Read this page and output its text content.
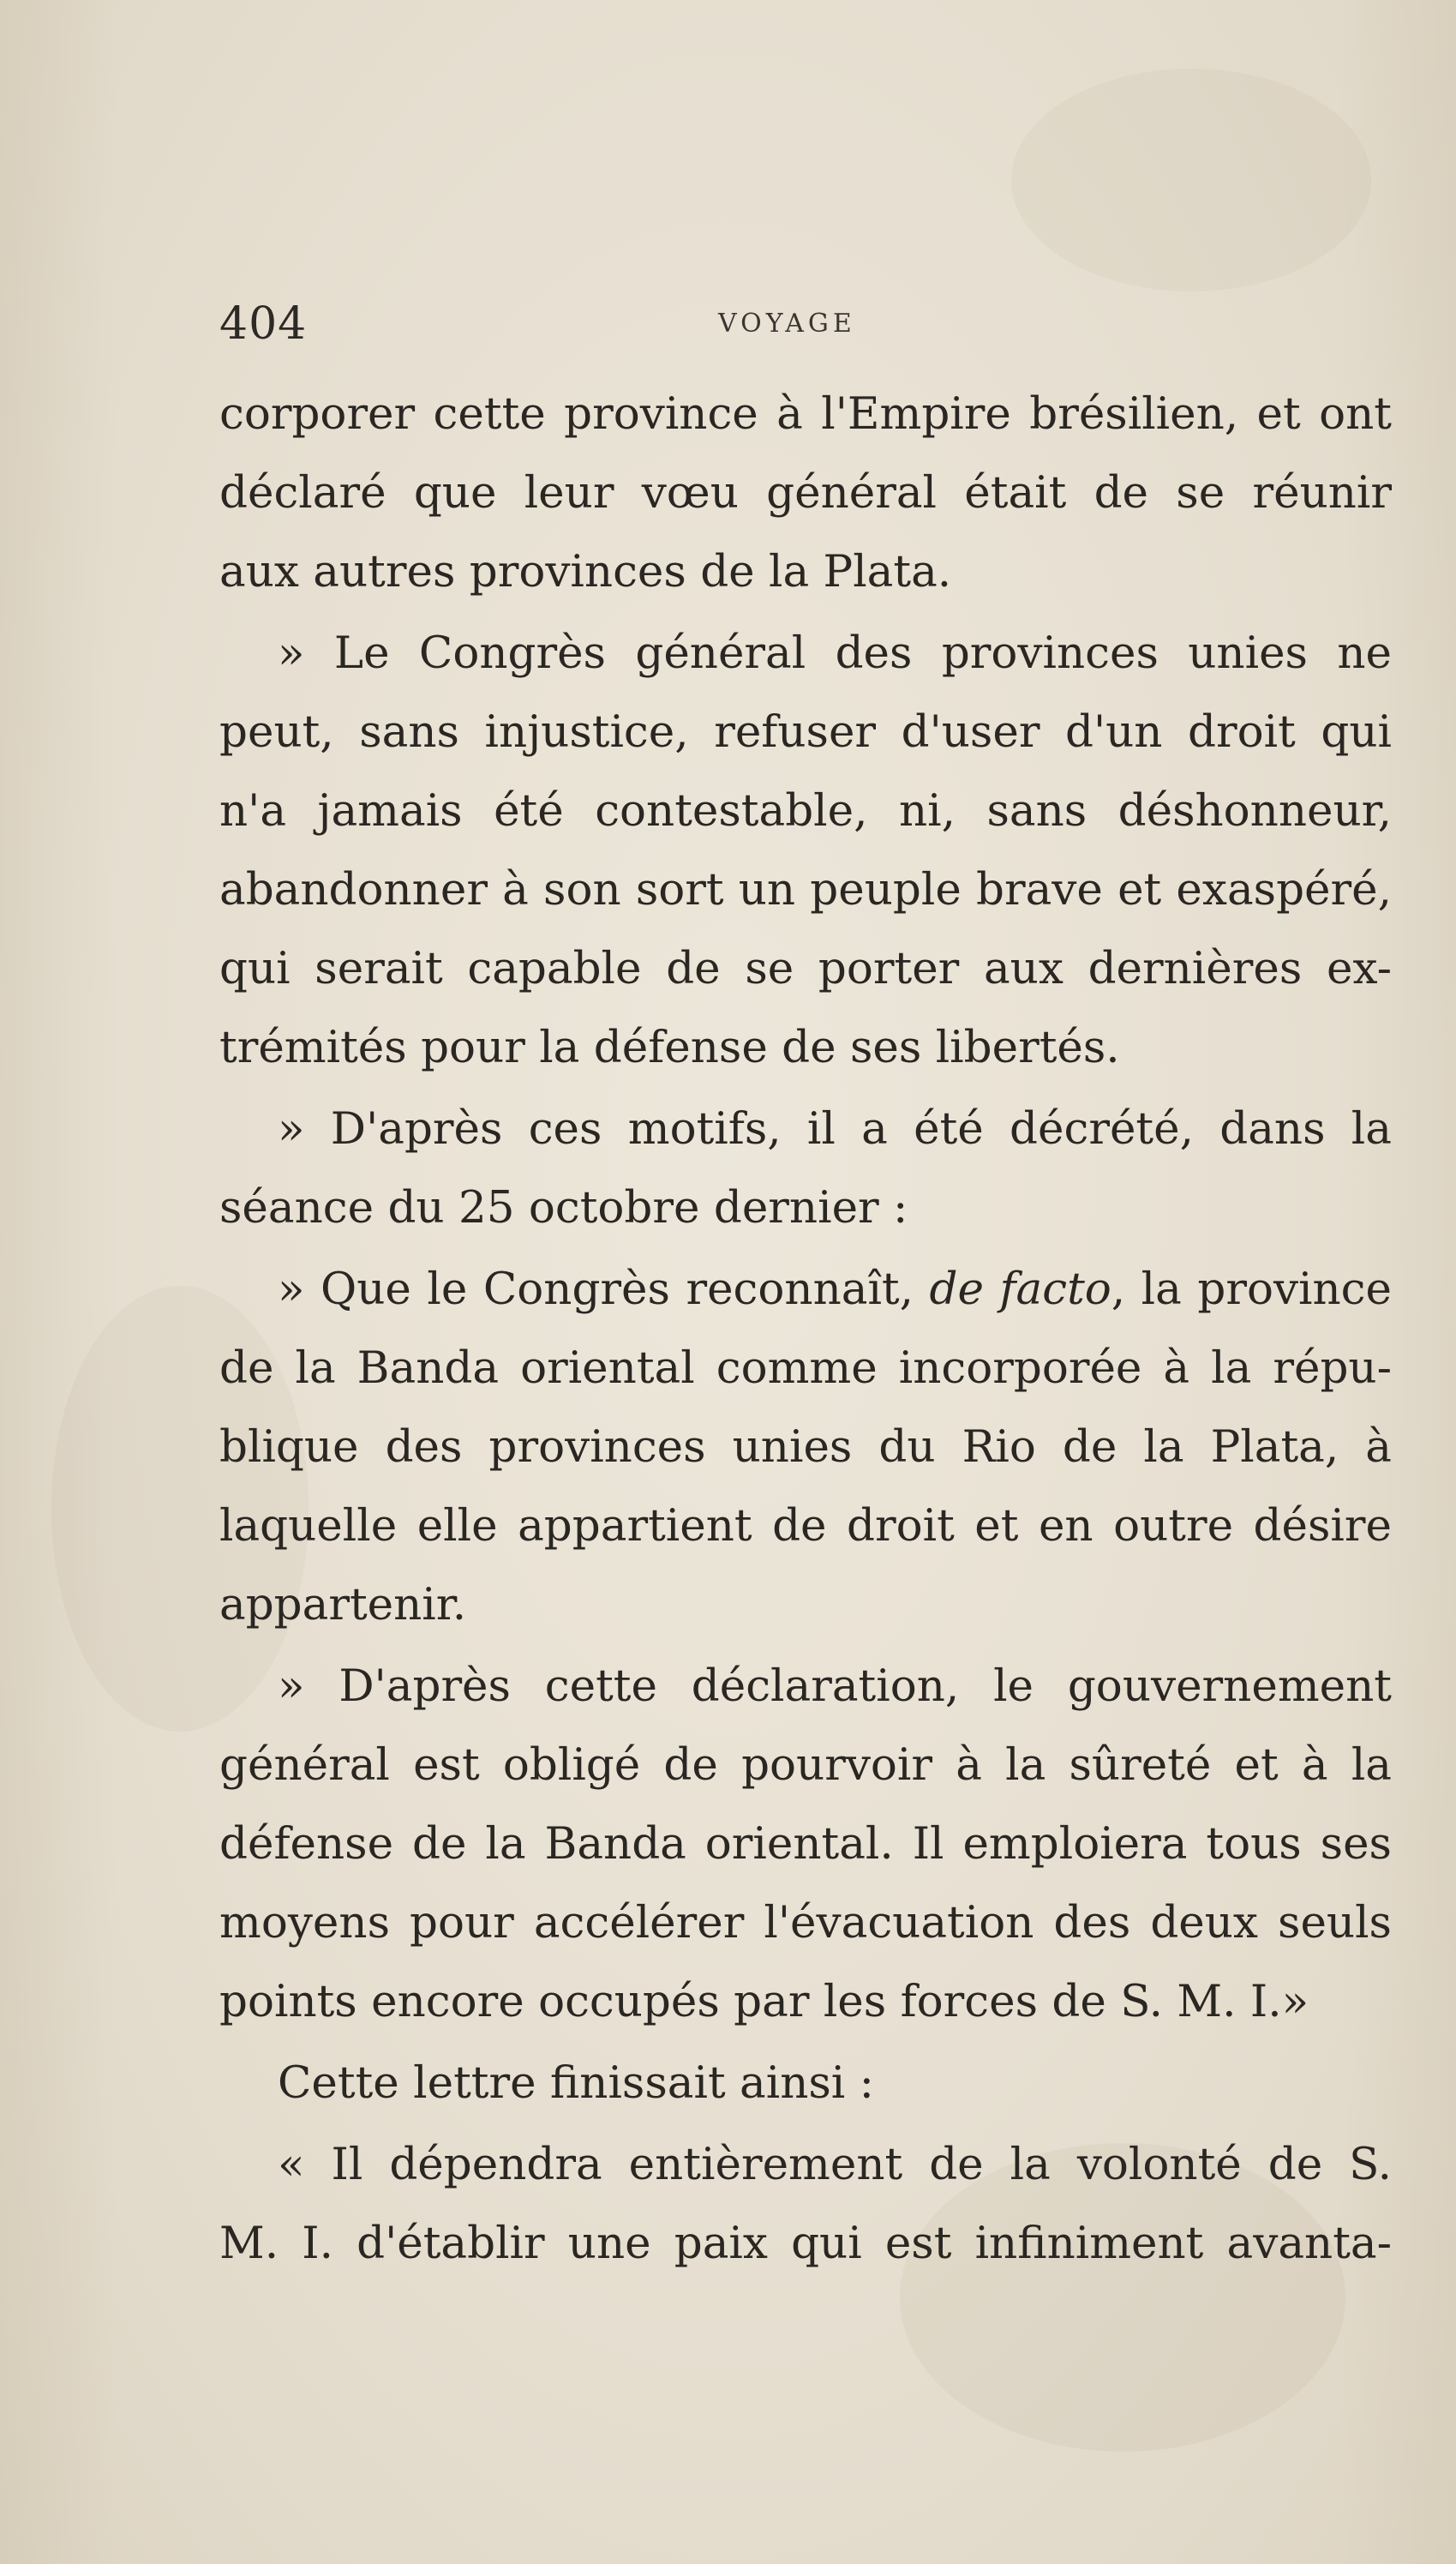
404	VOYAGE
corporer cette province à l'Empire brésilien, et ont
déclaré que leur vœu général était de se réunir
aux autres provinces de la Plata.
» Le Congrès général des provinces unies ne
peut, sans injustice, refuser d'user d'un droit qui
n'a jamais été contestable, ni, sans déshonneur,
abandonner à son sort un peuple brave et exaspéré,
qui serait capable de se porter aux dernières ex-
trémités pour la défense de ses libertés.
» D'après ces motifs, il a été décrété, dans la
séance du 25 octobre dernier :
» Que le Congrès reconnaît, de facto, la province
de la Banda oriental comme incorporée à la répu-
blique des provinces unies du Rio de la Plata, à
laquelle elle appartient de droit et en outre désire
appartenir.
» D'après cette déclaration, le gouvernement
général est obligé de pourvoir à la sûreté et à la
défense de la Banda oriental. Il emploiera tous ses
moyens pour accélérer l'évacuation des deux seuls
points encore occupés par les forces de S. M. I.»
Cette lettre finissait ainsi :
« Il dépendra entièrement de la volonté de S.
M. I. d'établir une paix qui est infiniment avanta-
